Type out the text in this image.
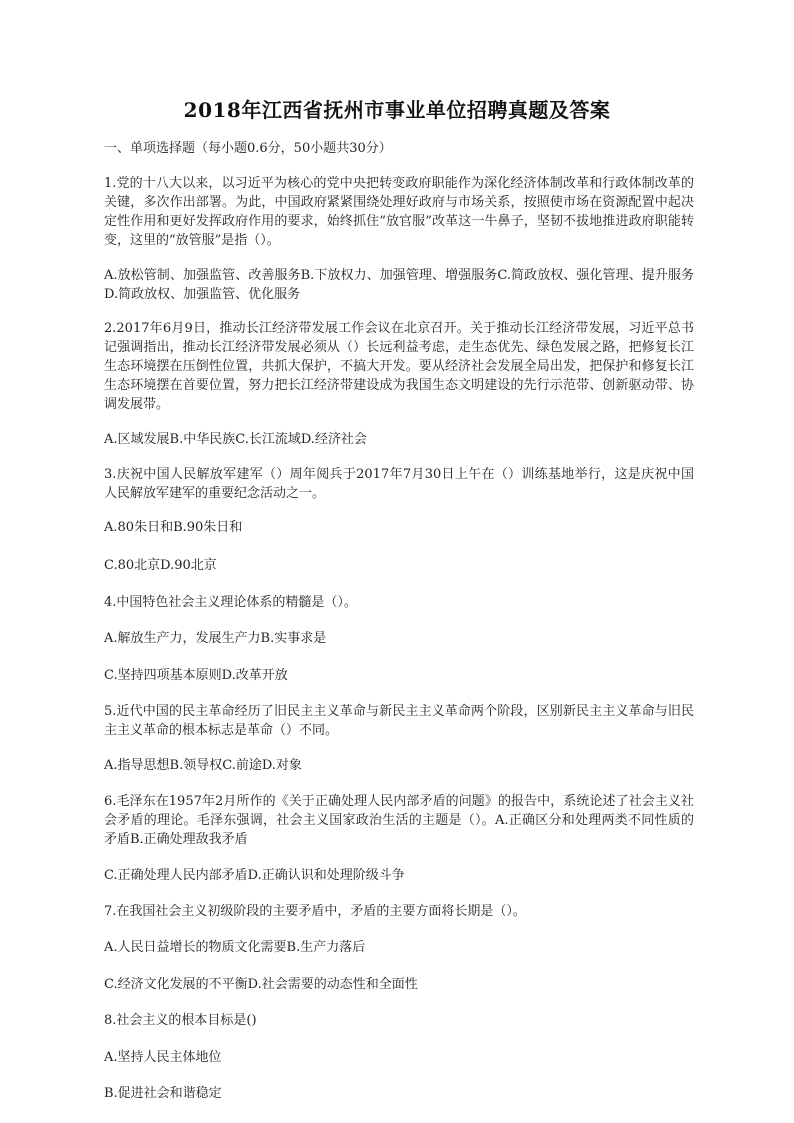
2018年江西省抚州市事业单位招聘真题及答案
一、单项选择题（每小题0.6分，50小题共30分）
1.党的十八大以来，以习近平为核心的党中央把转变政府职能作为深化经济体制改革和行政体制改革的关键，多次作出部署。为此，中国政府紧紧围绕处理好政府与市场关系，按照使市场在资源配置中起决定性作用和更好发挥政府作用的要求，始终抓住“放官服”改革这一牛鼻子，坚韧不拔地推进政府职能转变，这里的“放管服”是指（）。
A.放松管制、加强监管、改善服务B.下放权力、加强管理、增强服务C.简政放权、强化管理、提升服务D.简政放权、加强监管、优化服务
2.2017年6月9日，推动长江经济带发展工作会议在北京召开。关于推动长江经济带发展，习近平总书记强调指出，推动长江经济带发展必须从（）长远利益考虑，走生态优先、绿色发展之路，把修复长江生态环境摆在压倒性位置，共抓大保护，不搞大开发。要从经济社会发展全局出发，把保护和修复长江生态环境摆在首要位置，努力把长江经济带建设成为我国生态文明建设的先行示范带、创新驱动带、协调发展带。
A.区域发展B.中华民族C.长江流域D.经济社会
3.庆祝中国人民解放军建军（）周年阅兵于2017年7月30日上午在（）训练基地举行，这是庆祝中国人民解放军建军的重要纪念活动之一。
A.80朱日和B.90朱日和
C.80北京D.90北京
4.中国特色社会主义理论体系的精髓是（）。
A.解放生产力，发展生产力B.实事求是
C.坚持四项基本原则D.改革开放
5.近代中国的民主革命经历了旧民主主义革命与新民主主义革命两个阶段，区别新民主主义革命与旧民主主义革命的根本标志是革命（）不同。
A.指导思想B.领导权C.前途D.对象
6.毛泽东在1957年2月所作的《关于正确处理人民内部矛盾的问题》的报告中，系统论述了社会主义社会矛盾的理论。毛泽东强调，社会主义国家政治生活的主题是（）。A.正确区分和处理两类不同性质的矛盾B.正确处理敌我矛盾
C.正确处理人民内部矛盾D.正确认识和处理阶级斗争
7.在我国社会主义初级阶段的主要矛盾中，矛盾的主要方面将长期是（）。
A.人民日益增长的物质文化需要B.生产力落后
C.经济文化发展的不平衡D.社会需要的动态性和全面性
8.社会主义的根本目标是()
A.坚持人民主体地位
B.促进社会和谐稳定
